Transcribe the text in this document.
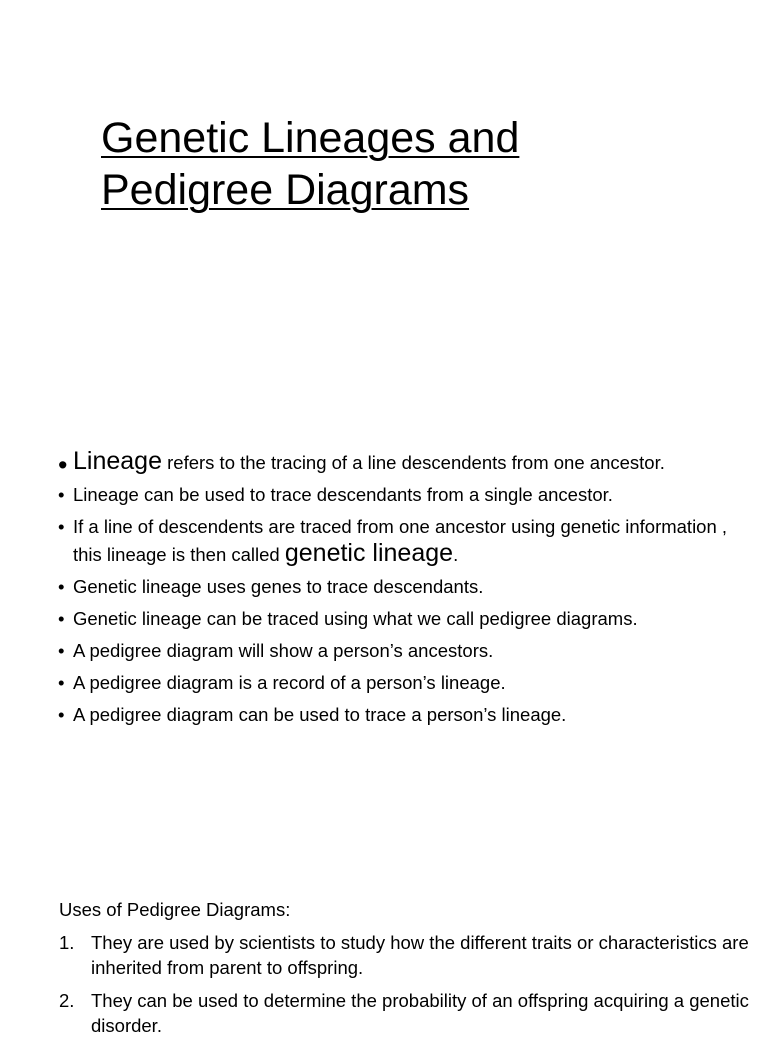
Genetic Lineages and
Pedigree Diagrams
• Lineage refers to the tracing of a line descendents from one ancestor.
• Lineage can be used to trace descendants from a single ancestor.
• If a line of descendents are traced from one ancestor using genetic information , this lineage is then called genetic lineage.
• Genetic lineage uses genes to trace descendants.
• Genetic lineage can be traced using what we call pedigree diagrams.
• A pedigree diagram will show a person’s ancestors.
• A pedigree diagram is a record of a person’s lineage.
• A pedigree diagram can be used to trace a person’s lineage.
Uses of Pedigree Diagrams:
1. They are used by scientists to study how the different traits or characteristics are inherited from parent to offspring.
2. They can be used to determine the probability of an offspring acquiring a genetic disorder.
